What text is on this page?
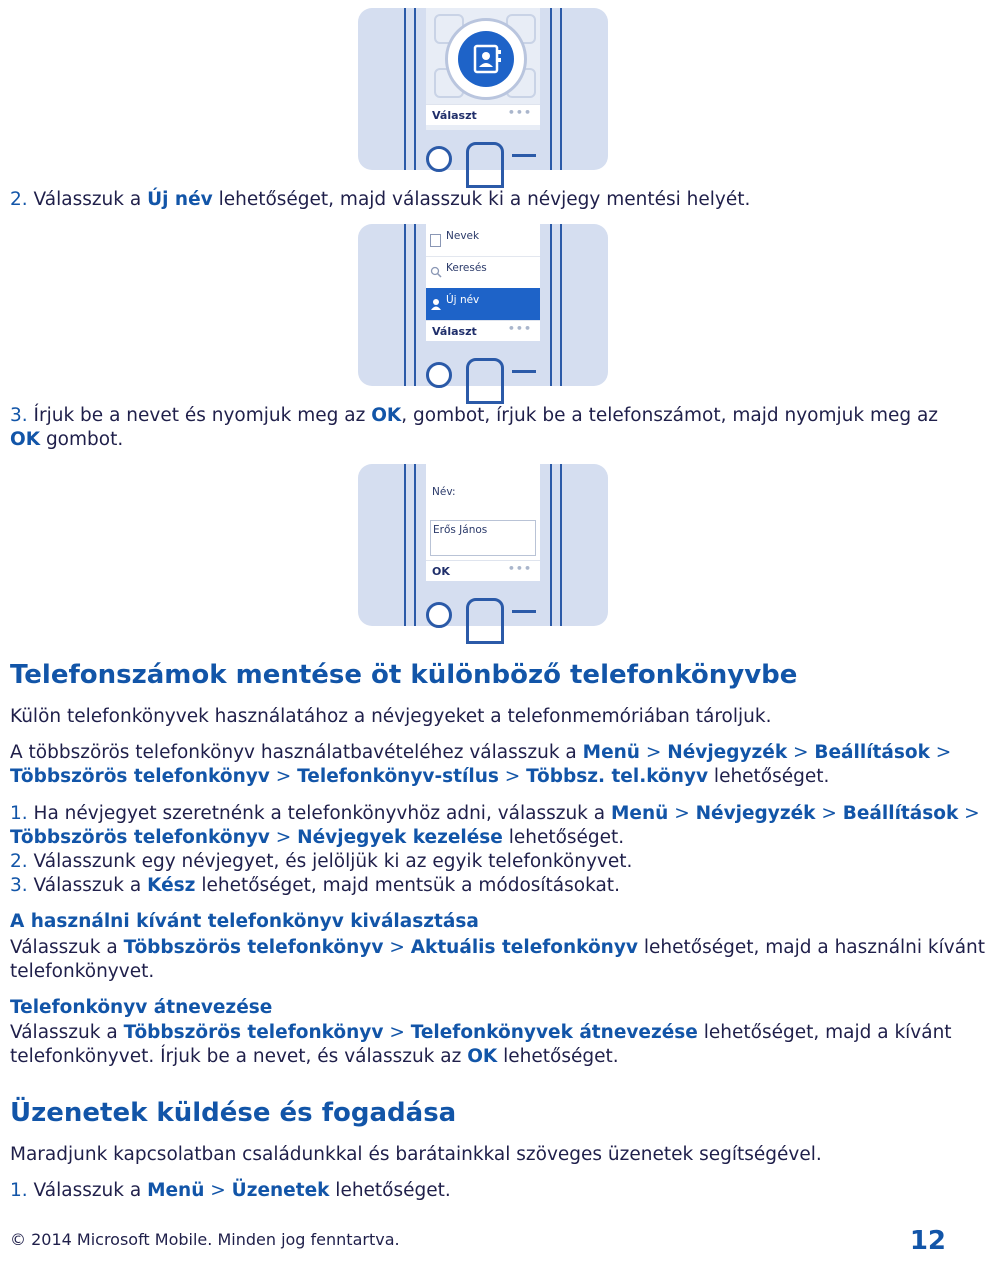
Választ	•••
2. Válasszuk a Új név lehetőséget, majd válasszuk ki a névjegy mentési helyét.
Nevek
Keresés
Új név
Választ	•••
3. Írjuk be a nevet és nyomjuk meg az OK, gombot, írjuk be a telefonszámot, majd nyomjuk meg az
OK gombot.
Név:
Erős János
OK	•••
Telefonszámok mentése öt különböző telefonkönyvbe
Külön telefonkönyvek használatához a névjegyeket a telefonmemóriában tároljuk.
A többszörös telefonkönyv használatbavételéhez válasszuk a Menü > Névjegyzék > Beállítások >
Többszörös telefonkönyv > Telefonkönyv-stílus > Többsz. tel.könyv lehetőséget.
1. Ha névjegyet szeretnénk a telefonkönyvhöz adni, válasszuk a Menü > Névjegyzék > Beállítások >
Többszörös telefonkönyv > Névjegyek kezelése lehetőséget.
2. Válasszunk egy névjegyet, és jelöljük ki az egyik telefonkönyvet.
3. Válasszuk a Kész lehetőséget, majd mentsük a módosításokat.
A használni kívánt telefonkönyv kiválasztása
Válasszuk a Többszörös telefonkönyv > Aktuális telefonkönyv lehetőséget, majd a használni kívánt
telefonkönyvet.
Telefonkönyv átnevezése
Válasszuk a Többszörös telefonkönyv > Telefonkönyvek átnevezése lehetőséget, majd a kívánt
telefonkönyvet. Írjuk be a nevet, és válasszuk az OK lehetőséget.
Üzenetek küldése és fogadása
Maradjunk kapcsolatban családunkkal és barátainkkal szöveges üzenetek segítségével.
1. Válasszuk a Menü > Üzenetek lehetőséget.
© 2014 Microsoft Mobile. Minden jog fenntartva.	12
